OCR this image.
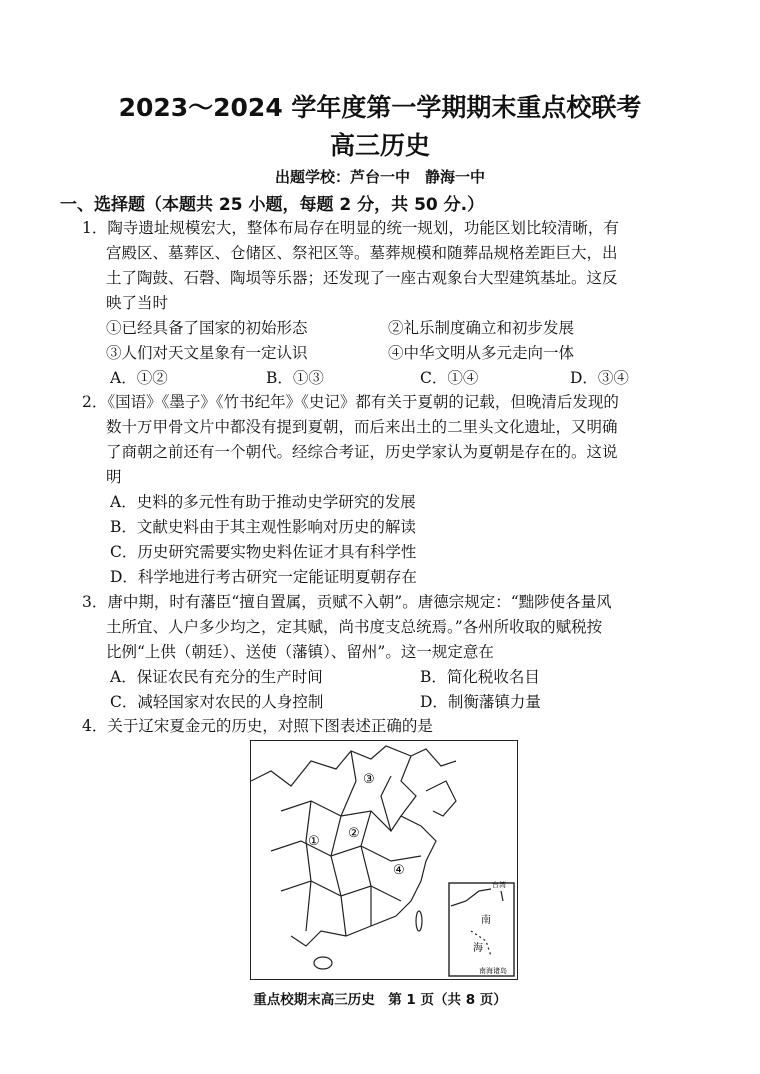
2023～2024 学年度第一学期期末重点校联考
高三历史
出题学校：芦台一中　静海一中
一、选择题（本题共 25 小题，每题 2 分，共 50 分.）
1．陶寺遗址规模宏大，整体布局存在明显的统一规划，功能区划比较清晰，有
宫殿区、墓葬区、仓储区、祭祀区等。墓葬规模和随葬品规格差距巨大，出
土了陶鼓、石磬、陶埙等乐器；还发现了一座古观象台大型建筑基址。这反
映了当时
①已经具备了国家的初始形态	②礼乐制度确立和初步发展
③人们对天文星象有一定认识	④中华文明从多元走向一体
A．①②	B．①③	C．①④	D．③④
2．《国语》《墨子》《竹书纪年》《史记》都有关于夏朝的记载，但晚清后发现的
数十万甲骨文片中都没有提到夏朝，而后来出土的二里头文化遗址，又明确
了商朝之前还有一个朝代。经综合考证，历史学家认为夏朝是存在的。这说
明
A．史料的多元性有助于推动史学研究的发展
B．文献史料由于其主观性影响对历史的解读
C．历史研究需要实物史料佐证才具有科学性
D．科学地进行考古研究一定能证明夏朝存在
3．唐中期，时有藩臣“擅自置属，贡赋不入朝”。唐德宗规定：“黜陟使各量风
土所宜、人户多少均之，定其赋，尚书度支总统焉。”各州所收取的赋税按
比例“上供（朝廷）、送使（藩镇）、留州”。这一规定意在
A．保证农民有充分的生产时间	B．简化税收名目
C．减轻国家对农民的人身控制	D．制衡藩镇力量
4．关于辽宋夏金元的历史，对照下图表述正确的是
①
②
③
④
台湾
南海诸岛
南
海
重点校期末高三历史　第 1 页（共 8 页）
